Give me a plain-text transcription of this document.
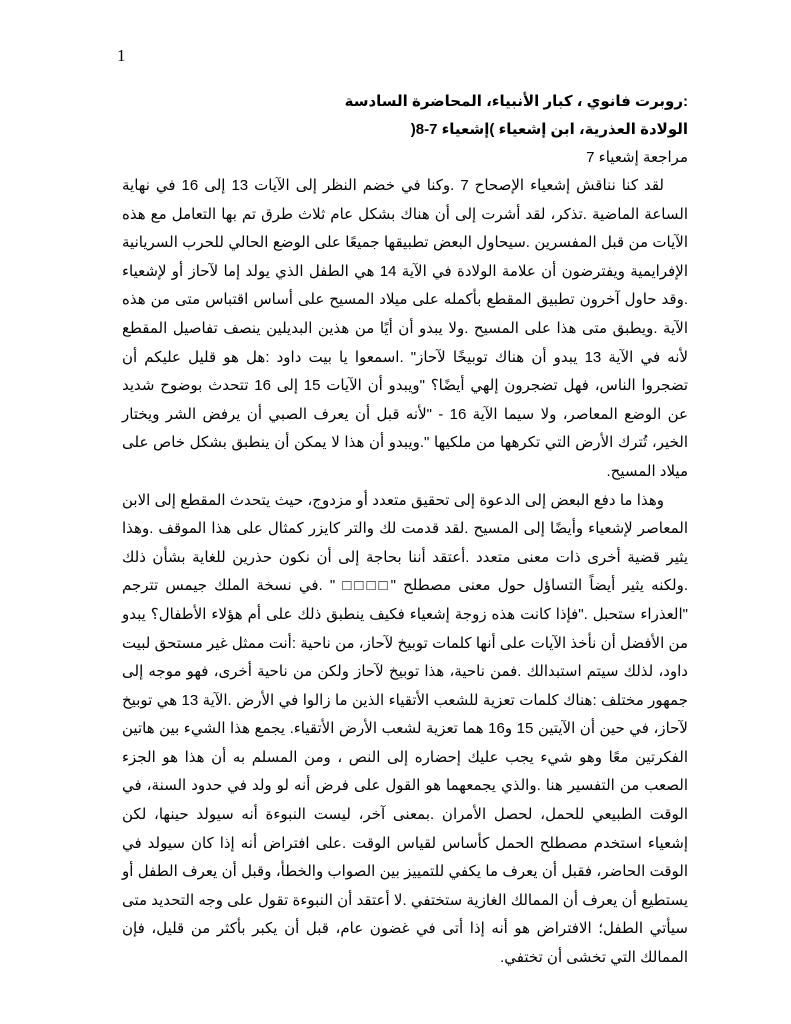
1

:روبرت فانوي ، كبار الأنبياء، المحاضرة السادسة

الولادة العذرية، ابن إشعياء )إشعياء 7-8(

مراجعة إشعياء 7

لقد كنا نناقش إشعياء الإصحاح 7 .وكنا في خضم النظر إلى الآيات 13 إلى 16 في نهاية الساعة الماضية .تذكر، لقد أشرت إلى أن هناك بشكل عام ثلاث طرق تم بها التعامل مع هذه الآيات من قبل المفسرين .سيحاول البعض تطبيقها جميعًا على الوضع الحالي للحرب السريانية الإفرايمية ويفترضون أن علامة الولادة في الآية 14 هي الطفل الذي يولد إما لآحاز أو لإشعياء .وقد حاول آخرون تطبيق المقطع بأكمله على ميلاد المسيح على أساس اقتباس متى من هذه الآية .ويطبق متى هذا على المسيح .ولا يبدو أن أيًا من هذين البديلين ينصف تفاصيل المقطع لأنه في الآية 13 يبدو أن هناك توبيخًا لآحاز" .اسمعوا يا بيت داود :هل هو قليل عليكم أن تضجروا الناس، فهل تضجرون إلهي أيضًا؟ "ويبدو أن الآيات 15 إلى 16 تتحدث بوضوح شديد عن الوضع المعاصر، ولا سيما الآية 16 - "لأنه قبل أن يعرف الصبي أن يرفض الشر ويختار الخير، تُترك الأرض التي تكرهها من ملكيها ".ويبدو أن هذا لا يمكن أن ينطبق بشكل خاص على ميلاد المسيح.

وهذا ما دفع البعض إلى الدعوة إلى تحقيق متعدد أو مزدوج، حيث يتحدث المقطع إلى الابن المعاصر لإشعياء وأيضًا إلى المسيح .لقد قدمت لك والتر كايزر كمثال على هذا الموقف .وهذا يثير قضية أخرى ذات معنى متعدد .أعتقد أننا بحاجة إلى أن نكون حذرين للغاية بشأن ذلك .ولكنه يثير أيضاً التساؤل حول معنى مصطلح "□□□□ " .في نسخة الملك جيمس تترجم "العذراء ستحبل ."فإذا كانت هذه زوجة إشعياء فكيف ينطبق ذلك على أم هؤلاء الأطفال؟ يبدو من الأفضل أن نأخذ الآيات على أنها كلمات توبيخ لآحاز، من ناحية :أنت ممثل غير مستحق لبيت داود، لذلك سيتم استبدالك .فمن ناحية، هذا توبيخ لآحاز ولكن من ناحية أخرى، فهو موجه إلى جمهور مختلف :هناك كلمات تعزية للشعب الأتقياء الذين ما زالوا في الأرض .الآية 13 هي توبيخ لآحاز، في حين أن الآيتين 15 و16 هما تعزية لشعب الأرض الأتقياء. يجمع هذا الشيء بين هاتين الفكرتين معًا وهو شيء يجب عليك إحضاره إلى النص ، ومن المسلم به أن هذا هو الجزء الصعب من التفسير هنا .والذي يجمعهما هو القول على فرض أنه لو ولد في حدود السنة، في الوقت الطبيعي للحمل، لحصل الأمران .بمعنى آخر، ليست النبوءة أنه سيولد حينها، لكن إشعياء استخدم مصطلح الحمل كأساس لقياس الوقت .على افتراض أنه إذا كان سيولد في الوقت الحاضر، فقبل أن يعرف ما يكفي للتمييز بين الصواب والخطأ، وقبل أن يعرف الطفل أو يستطيع أن يعرف أن الممالك الغازية ستختفي .لا أعتقد أن النبوءة تقول على وجه التحديد متى سيأتي الطفل؛ الافتراض هو أنه إذا أتى في غضون عام، قبل أن يكبر بأكثر من قليل، فإن الممالك التي تخشى أن تختفي.
